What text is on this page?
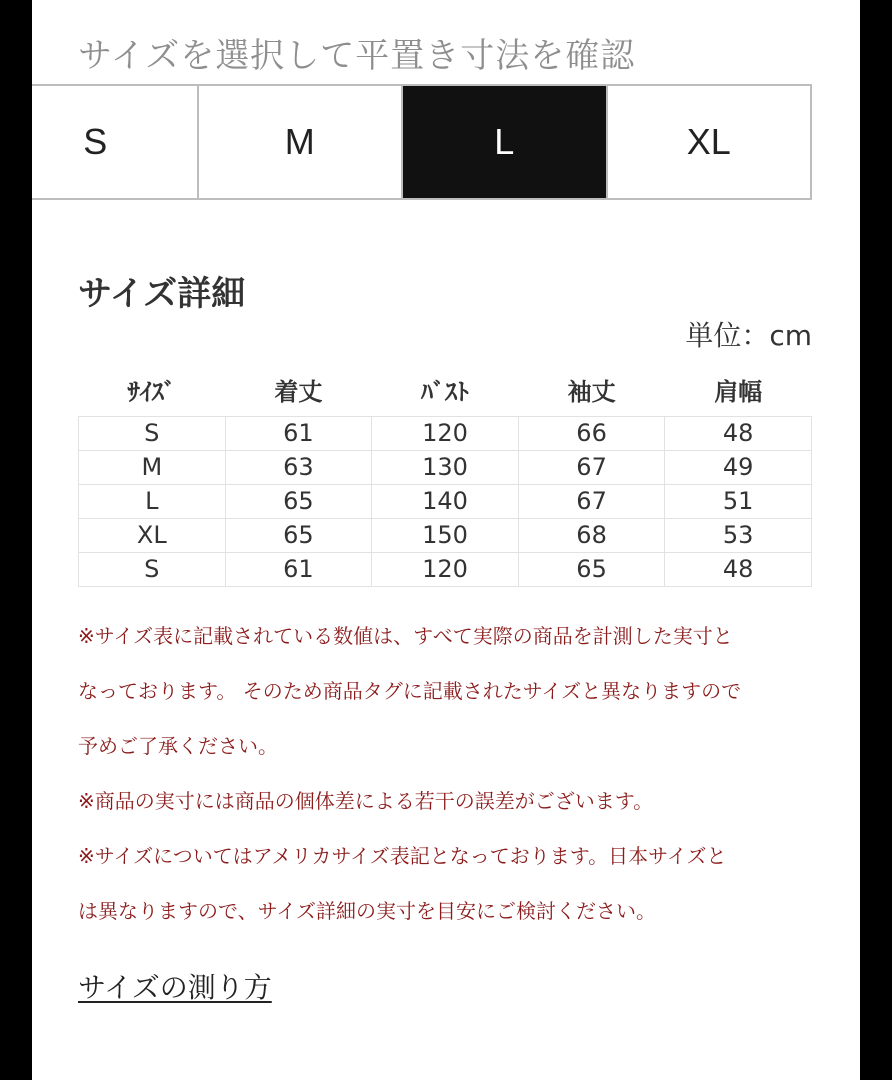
サイズを選択して平置き寸法を確認
S	M	L	XL
サイズ詳細
単位：cm
ｻｲｽﾞ	着丈	ﾊﾞｽﾄ	袖丈	肩幅
S	61	120	66	48
M	63	130	67	49
L	65	140	67	51
XL	65	150	68	53
S	61	120	65	48
※サイズ表に記載されている数値は、すべて実際の商品を計測した実寸と
なっております。 そのため商品タグに記載されたサイズと異なりますので
予めご了承ください。
※商品の実寸には商品の個体差による若干の誤差がございます。
※サイズについてはアメリカサイズ表記となっております。日本サイズと
は異なりますので、サイズ詳細の実寸を目安にご検討ください。
サイズの測り方
